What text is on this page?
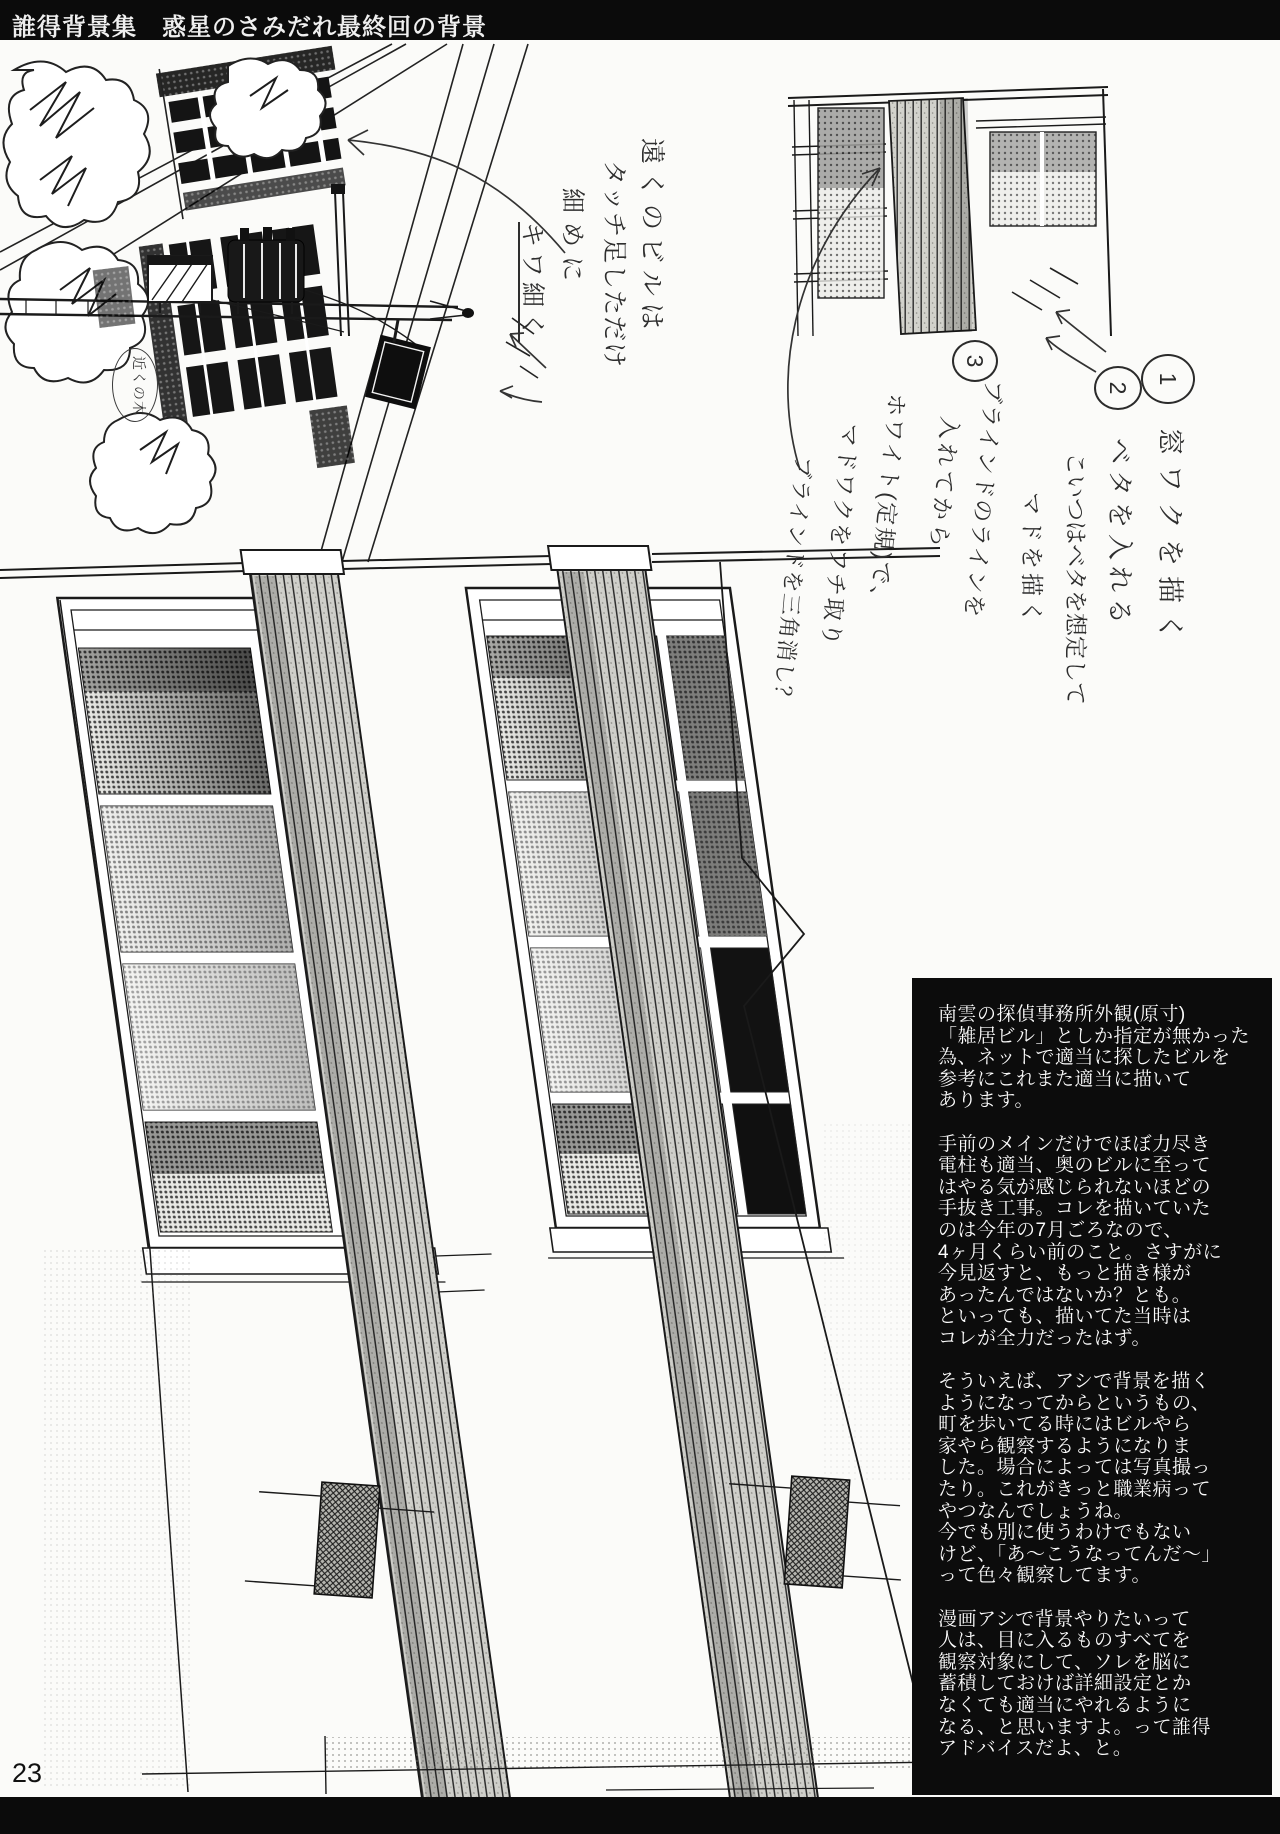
誰得背景集　惑星のさみだれ最終回の背景
遠くのビルは
タッチ足しただけ
細めに
キワ細く
近くの木	1
2
3
窓ワクを描く
ベタを入れる
こいつはベタを想定して
マドを描く
ブラインドのラインを
入れてから
ホワイト(定規)で、
マドワクをフチ取り
ブラインドを三角消し？
南雲の探偵事務所外観(原寸)
「雑居ビル」としか指定が無かった
為、ネットで適当に探したビルを
参考にこれまた適当に描いて
あります。
手前のメインだけでほぼ力尽き
電柱も適当、奥のビルに至って
はやる気が感じられないほどの
手抜き工事。コレを描いていた
のは今年の7月ごろなので、
4ヶ月くらい前のこと。さすがに
今見返すと、もっと描き様が
あったんではないか？とも。
といっても、描いてた当時は
コレが全力だったはず。
そういえば、アシで背景を描く
ようになってからというもの、
町を歩いてる時にはビルやら
家やら観察するようになりま
した。場合によっては写真撮っ
たり。これがきっと職業病って
やつなんでしょうね。
今でも別に使うわけでもない
けど、「あ〜こうなってんだ〜」
って色々観察してます。
漫画アシで背景やりたいって
人は、目に入るものすべてを
観察対象にして、ソレを脳に
蓄積しておけば詳細設定とか
なくても適当にやれるように
なる、と思いますよ。って誰得
アドバイスだよ、と。
23
